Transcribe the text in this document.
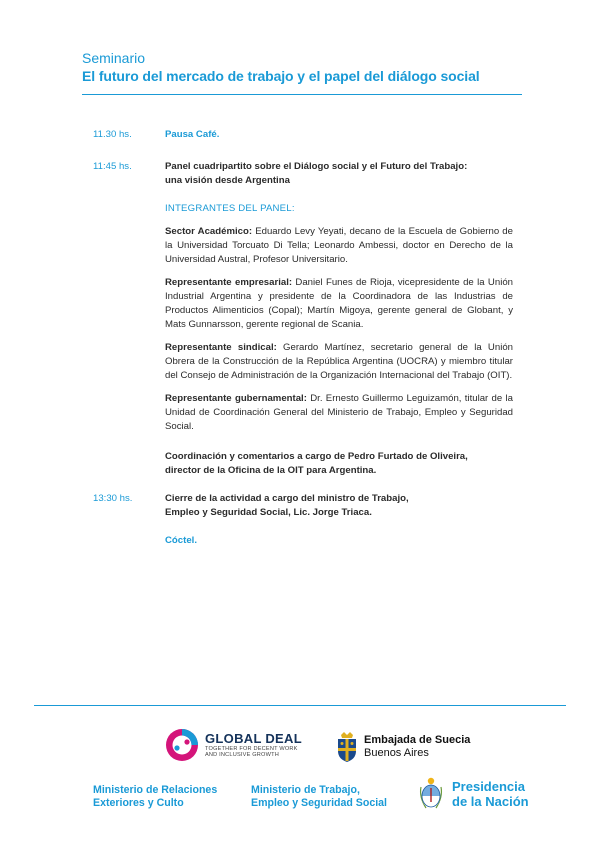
Seminario
El futuro del mercado de trabajo y el papel del diálogo social
11.30 hs.	Pausa Café.
11:45 hs.	Panel cuadripartito sobre el Diálogo social y el Futuro del Trabajo:
una visión desde Argentina
INTEGRANTES DEL PANEL:

Sector Académico: Eduardo Levy Yeyati, decano de la Escuela de Gobierno de la Universidad Torcuato Di Tella; Leonardo Ambessi, doctor en Derecho de la Universidad Austral, Profesor Universitario.

Representante empresarial: Daniel Funes de Rioja, vicepresidente de la Unión Industrial Argentina y presidente de la Coordinadora de las Industrias de Productos Alimenticios (Copal); Martín Migoya, gerente general de Globant, y Mats Gunnarsson, gerente regional de Scania.

Representante sindical: Gerardo Martínez, secretario general de la Unión Obrera de la Construcción de la República Argentina (UOCRA) y miembro titular del Consejo de Administración de la Organización Internacional del Trabajo (OIT).

Representante gubernamental: Dr. Ernesto Guillermo Leguizamón, titular de la Unidad de Coordinación General del Ministerio de Trabajo, Empleo y Seguridad Social.

Coordinación y comentarios a cargo de Pedro Furtado de Oliveira,
director de la Oficina de la OIT para Argentina.
13:30 hs.	Cierre de la actividad a cargo del ministro de Trabajo,
Empleo y Seguridad Social, Lic. Jorge Triaca.
Cóctel.
GLOBAL DEAL
TOGETHER FOR DECENT WORK
AND INCLUSIVE GROWTH
Embajada de Suecia
Buenos Aires
Ministerio de Relaciones
Exteriores y Culto
Ministerio de Trabajo,
Empleo y Seguridad Social
Presidencia
de la Nación
